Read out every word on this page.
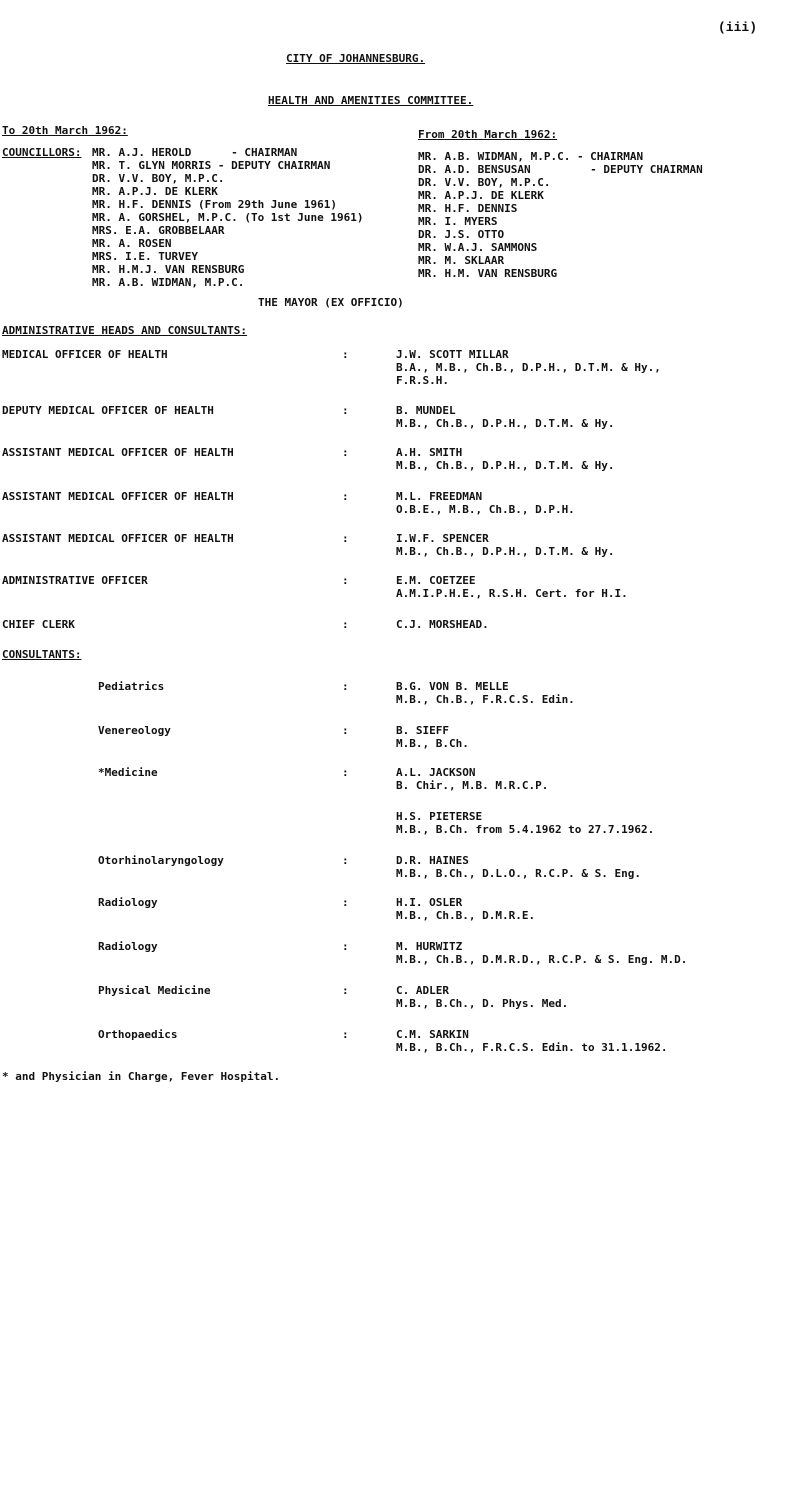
(iii)
CITY OF JOHANNESBURG.
HEALTH AND AMENITIES COMMITTEE.
To 20th March 1962:
COUNCILLORS: MR. A.J. HEROLD      - CHAIRMAN
MR. T. GLYN MORRIS - DEPUTY CHAIRMAN
DR. V.V. BOY, M.P.C.
MR. A.P.J. DE KLERK
MR. H.F. DENNIS (From 29th June 1961)
MR. A. GORSHEL, M.P.C. (To 1st June 1961)
MRS. E.A. GROBBELAAR
MR. A. ROSEN
MRS. I.E. TURVEY
MR. H.M.J. VAN RENSBURG
MR. A.B. WIDMAN, M.P.C.
From 20th March 1962:
MR. A.B. WIDMAN, M.P.C. - CHAIRMAN
DR. A.D. BENSUSAN         - DEPUTY CHAIRMAN
DR. V.V. BOY, M.P.C.
MR. A.P.J. DE KLERK
MR. H.F. DENNIS
MR. I. MYERS
DR. J.S. OTTO
MR. W.A.J. SAMMONS
MR. M. SKLAAR
MR. H.M. VAN RENSBURG
THE MAYOR (EX OFFICIO)
ADMINISTRATIVE HEADS AND CONSULTANTS:
MEDICAL OFFICER OF HEALTH	:	J.W. SCOTT MILLAR
B.A., M.B., Ch.B., D.P.H., D.T.M. & Hy.,
F.R.S.H.
DEPUTY MEDICAL OFFICER OF HEALTH	:	B. MUNDEL
M.B., Ch.B., D.P.H., D.T.M. & Hy.
ASSISTANT MEDICAL OFFICER OF HEALTH	:	A.H. SMITH
M.B., Ch.B., D.P.H., D.T.M. & Hy.
ASSISTANT MEDICAL OFFICER OF HEALTH	:	M.L. FREEDMAN
O.B.E., M.B., Ch.B., D.P.H.
ASSISTANT MEDICAL OFFICER OF HEALTH	:	I.W.F. SPENCER
M.B., Ch.B., D.P.H., D.T.M. & Hy.
ADMINISTRATIVE OFFICER	:	E.M. COETZEE
A.M.I.P.H.E., R.S.H. Cert. for H.I.
CHIEF CLERK	:	C.J. MORSHEAD.
CONSULTANTS:
Pediatrics	:	B.G. VON B. MELLE
M.B., Ch.B., F.R.C.S. Edin.
Venereology	:	B. SIEFF
M.B., B.Ch.
*Medicine	:	A.L. JACKSON
B. Chir., M.B. M.R.C.P.
H.S. PIETERSE
M.B., B.Ch. from 5.4.1962 to 27.7.1962.
Otorhinolaryngology	:	D.R. HAINES
M.B., B.Ch., D.L.O., R.C.P. & S. Eng.
Radiology	:	H.I. OSLER
M.B., Ch.B., D.M.R.E.
Radiology	:	M. HURWITZ
M.B., Ch.B., D.M.R.D., R.C.P. & S. Eng. M.D.
Physical Medicine	:	C. ADLER
M.B., B.Ch., D. Phys. Med.
Orthopaedics	:	C.M. SARKIN
M.B., B.Ch., F.R.C.S. Edin. to 31.1.1962.
* and Physician in Charge, Fever Hospital.
